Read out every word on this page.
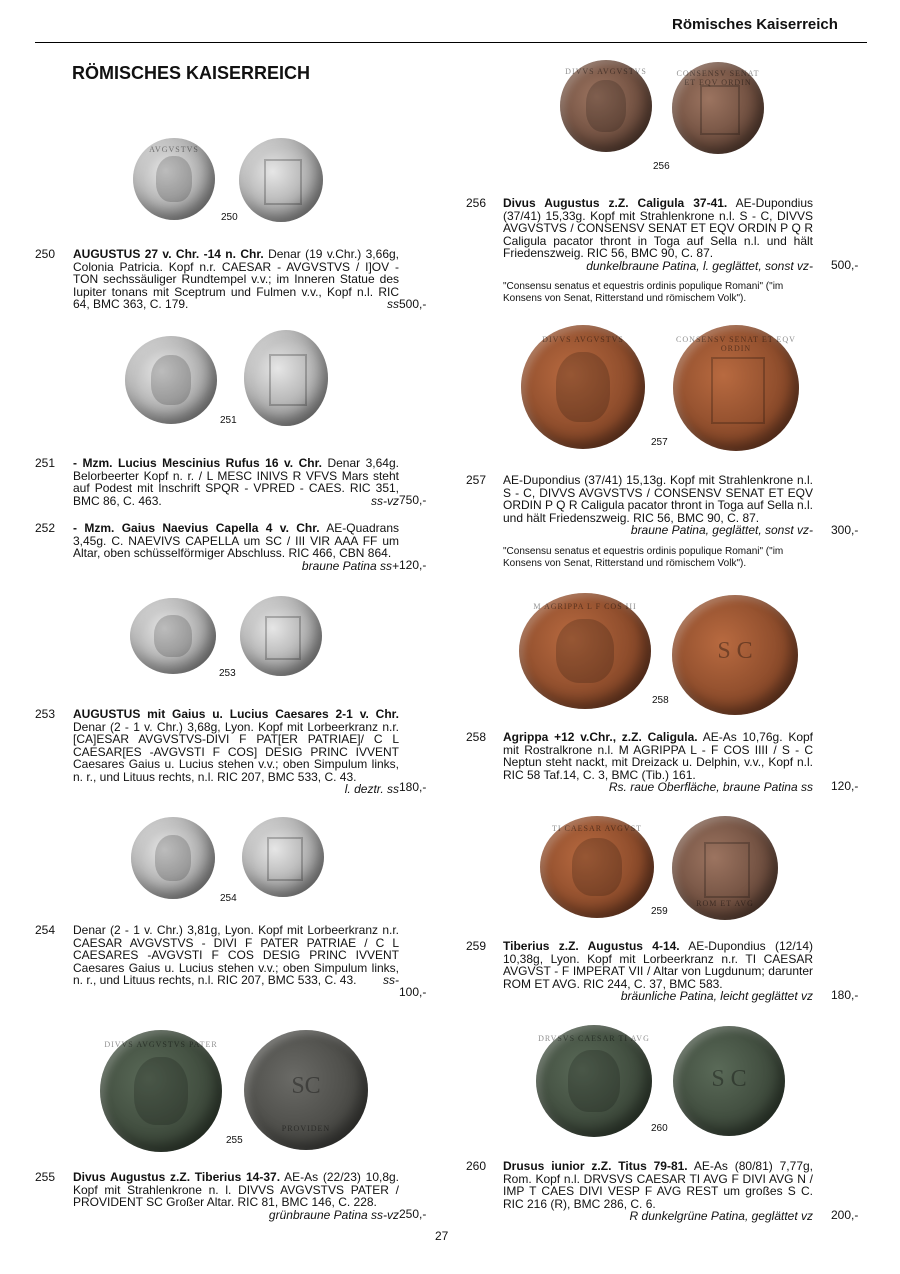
Römisches Kaiserreich
RÖMISCHES KAISERREICH
AVGVSTVS
250
251
253
254
DIVVS AVGVSTVS PATER
SC
PROVIDEN
255
DIVVS AVGVSTVS	CONSENSV SENAT ET EQV ORDIN
256
DIVVS AVGVSTVS	CONSENSV SENAT ET EQV ORDIN
257
M AGRIPPA L F COS III
S C
258
TI CAESAR AVGVST
ROM ET AVG
259
DRVSVS CAESAR TI AVG
S C
260
250 AUGUSTUS 27 v. Chr. -14 n. Chr. Denar (19 v.Chr.) 3,66g, Colonia Patricia. Kopf n.r. CAESAR - AVGVSTVS / I]OV - TON sechssäuliger Rundtempel v.v.; im Inneren Statue des Iupiter tonans mit Sceptrum und Fulmen v.v., Kopf n.l. RIC 64, BMC 363, C. 179.	ss 500,-
251 - Mzm. Lucius Mescinius Rufus 16 v. Chr. Denar 3,64g. Belorbeerter Kopf n. r. / L MESC INIVS R VFVS Mars steht auf Podest mit Inschrift SPQR - VPRED - CAES. RIC 351, BMC 86, C. 463.	ss-vz 750,-
252 - Mzm. Gaius Naevius Capella 4 v. Chr. AE-Quadrans 3,45g. C. NAEVIVS CAPELLA um SC / III VIR AAA FF um Altar, oben schüsselförmiger Abschluss. RIC 466, CBN 864.
braune Patina ss+ 120,-
253 AUGUSTUS mit Gaius u. Lucius Caesares 2-1 v. Chr. Denar (2 - 1 v. Chr.) 3,68g, Lyon. Kopf mit Lorbeerkranz n.r. [CA]ESAR AVGVSTVS-DIVI F PAT[ER PATRIAE]/ C L CAESAR[ES -AVGVSTI F COS] DESIG PRINC IVVENT Caesares Gaius u. Lucius stehen v.v.; oben Simpulum links, n. r., und Lituus rechts, n.l. RIC 207, BMC 533, C. 43.
l. deztr. ss 180,-
254 Denar (2 - 1 v. Chr.) 3,81g, Lyon. Kopf mit Lorbeerkranz n.r. CAESAR AVGVSTVS - DIVI F PATER PATRIAE / C L CAESARES -AVGVSTI F COS DESIG PRINC IVVENT Caesares Gaius u. Lucius stehen v.v.; oben Simpulum links, n. r., und Lituus rechts, n.l. RIC 207, BMC 533, C. 43. ss-
100,-
255 Divus Augustus z.Z. Tiberius 14-37. AE-As (22/23) 10,8g. Kopf mit Strahlenkrone n. l. DIVVS AVGVSTVS PATER / PROVIDENT SC Großer Altar. RIC 81, BMC 146, C. 228.
grünbraune Patina ss-vz 250,-
256 Divus Augustus z.Z. Caligula 37-41. AE-Dupondius (37/41) 15,33g. Kopf mit Strahlenkrone n.l. S - C, DIVVS AVGVSTVS / CONSENSV SENAT ET EQV ORDIN P Q R Caligula pacator thront in Toga auf Sella n.l. und hält Friedenszweig. RIC 56, BMC 90, C. 87.
dunkelbraune Patina, l. geglättet, sonst vz- 500,-
"Consensu senatus et equestris ordinis populique Romani" ("im Konsens von Senat, Ritterstand und römischem Volk").
257 AE-Dupondius (37/41) 15,13g. Kopf mit Strahlenkrone n.l. S - C, DIVVS AVGVSTVS / CONSENSV SENAT ET EQV ORDIN P Q R Caligula pacator thront in Toga auf Sella n.l. und hält Friedenszweig. RIC 56, BMC 90, C. 87.
braune Patina, geglättet, sonst vz- 300,-
"Consensu senatus et equestris ordinis populique Romani" ("im Konsens von Senat, Ritterstand und römischem Volk").
258 Agrippa +12 v.Chr., z.Z. Caligula. AE-As 10,76g. Kopf mit Rostralkrone n.l. M AGRIPPA L - F COS IIII / S - C Neptun steht nackt, mit Dreizack u. Delphin, v.v., Kopf n.l. RIC 58 Taf.14, C. 3, BMC (Tib.) 161.
Rs. raue Oberfläche, braune Patina ss 120,-
259 Tiberius z.Z. Augustus 4-14. AE-Dupondius (12/14) 10,38g, Lyon. Kopf mit Lorbeerkranz n.r. TI CAESAR AVGVST - F IMPERAT VII / Altar von Lugdunum; darunter ROM ET AVG. RIC 244, C. 37, BMC 583.
bräunliche Patina, leicht geglättet vz 180,-
260 Drusus iunior z.Z. Titus 79-81. AE-As (80/81) 7,77g, Rom. Kopf n.l. DRVSVS CAESAR TI AVG F DIVI AVG N / IMP T CAES DIVI VESP F AVG REST um großes S C. RIC 216 (R), BMC 286, C. 6.
R dunkelgrüne Patina, geglättet vz 200,-
27
